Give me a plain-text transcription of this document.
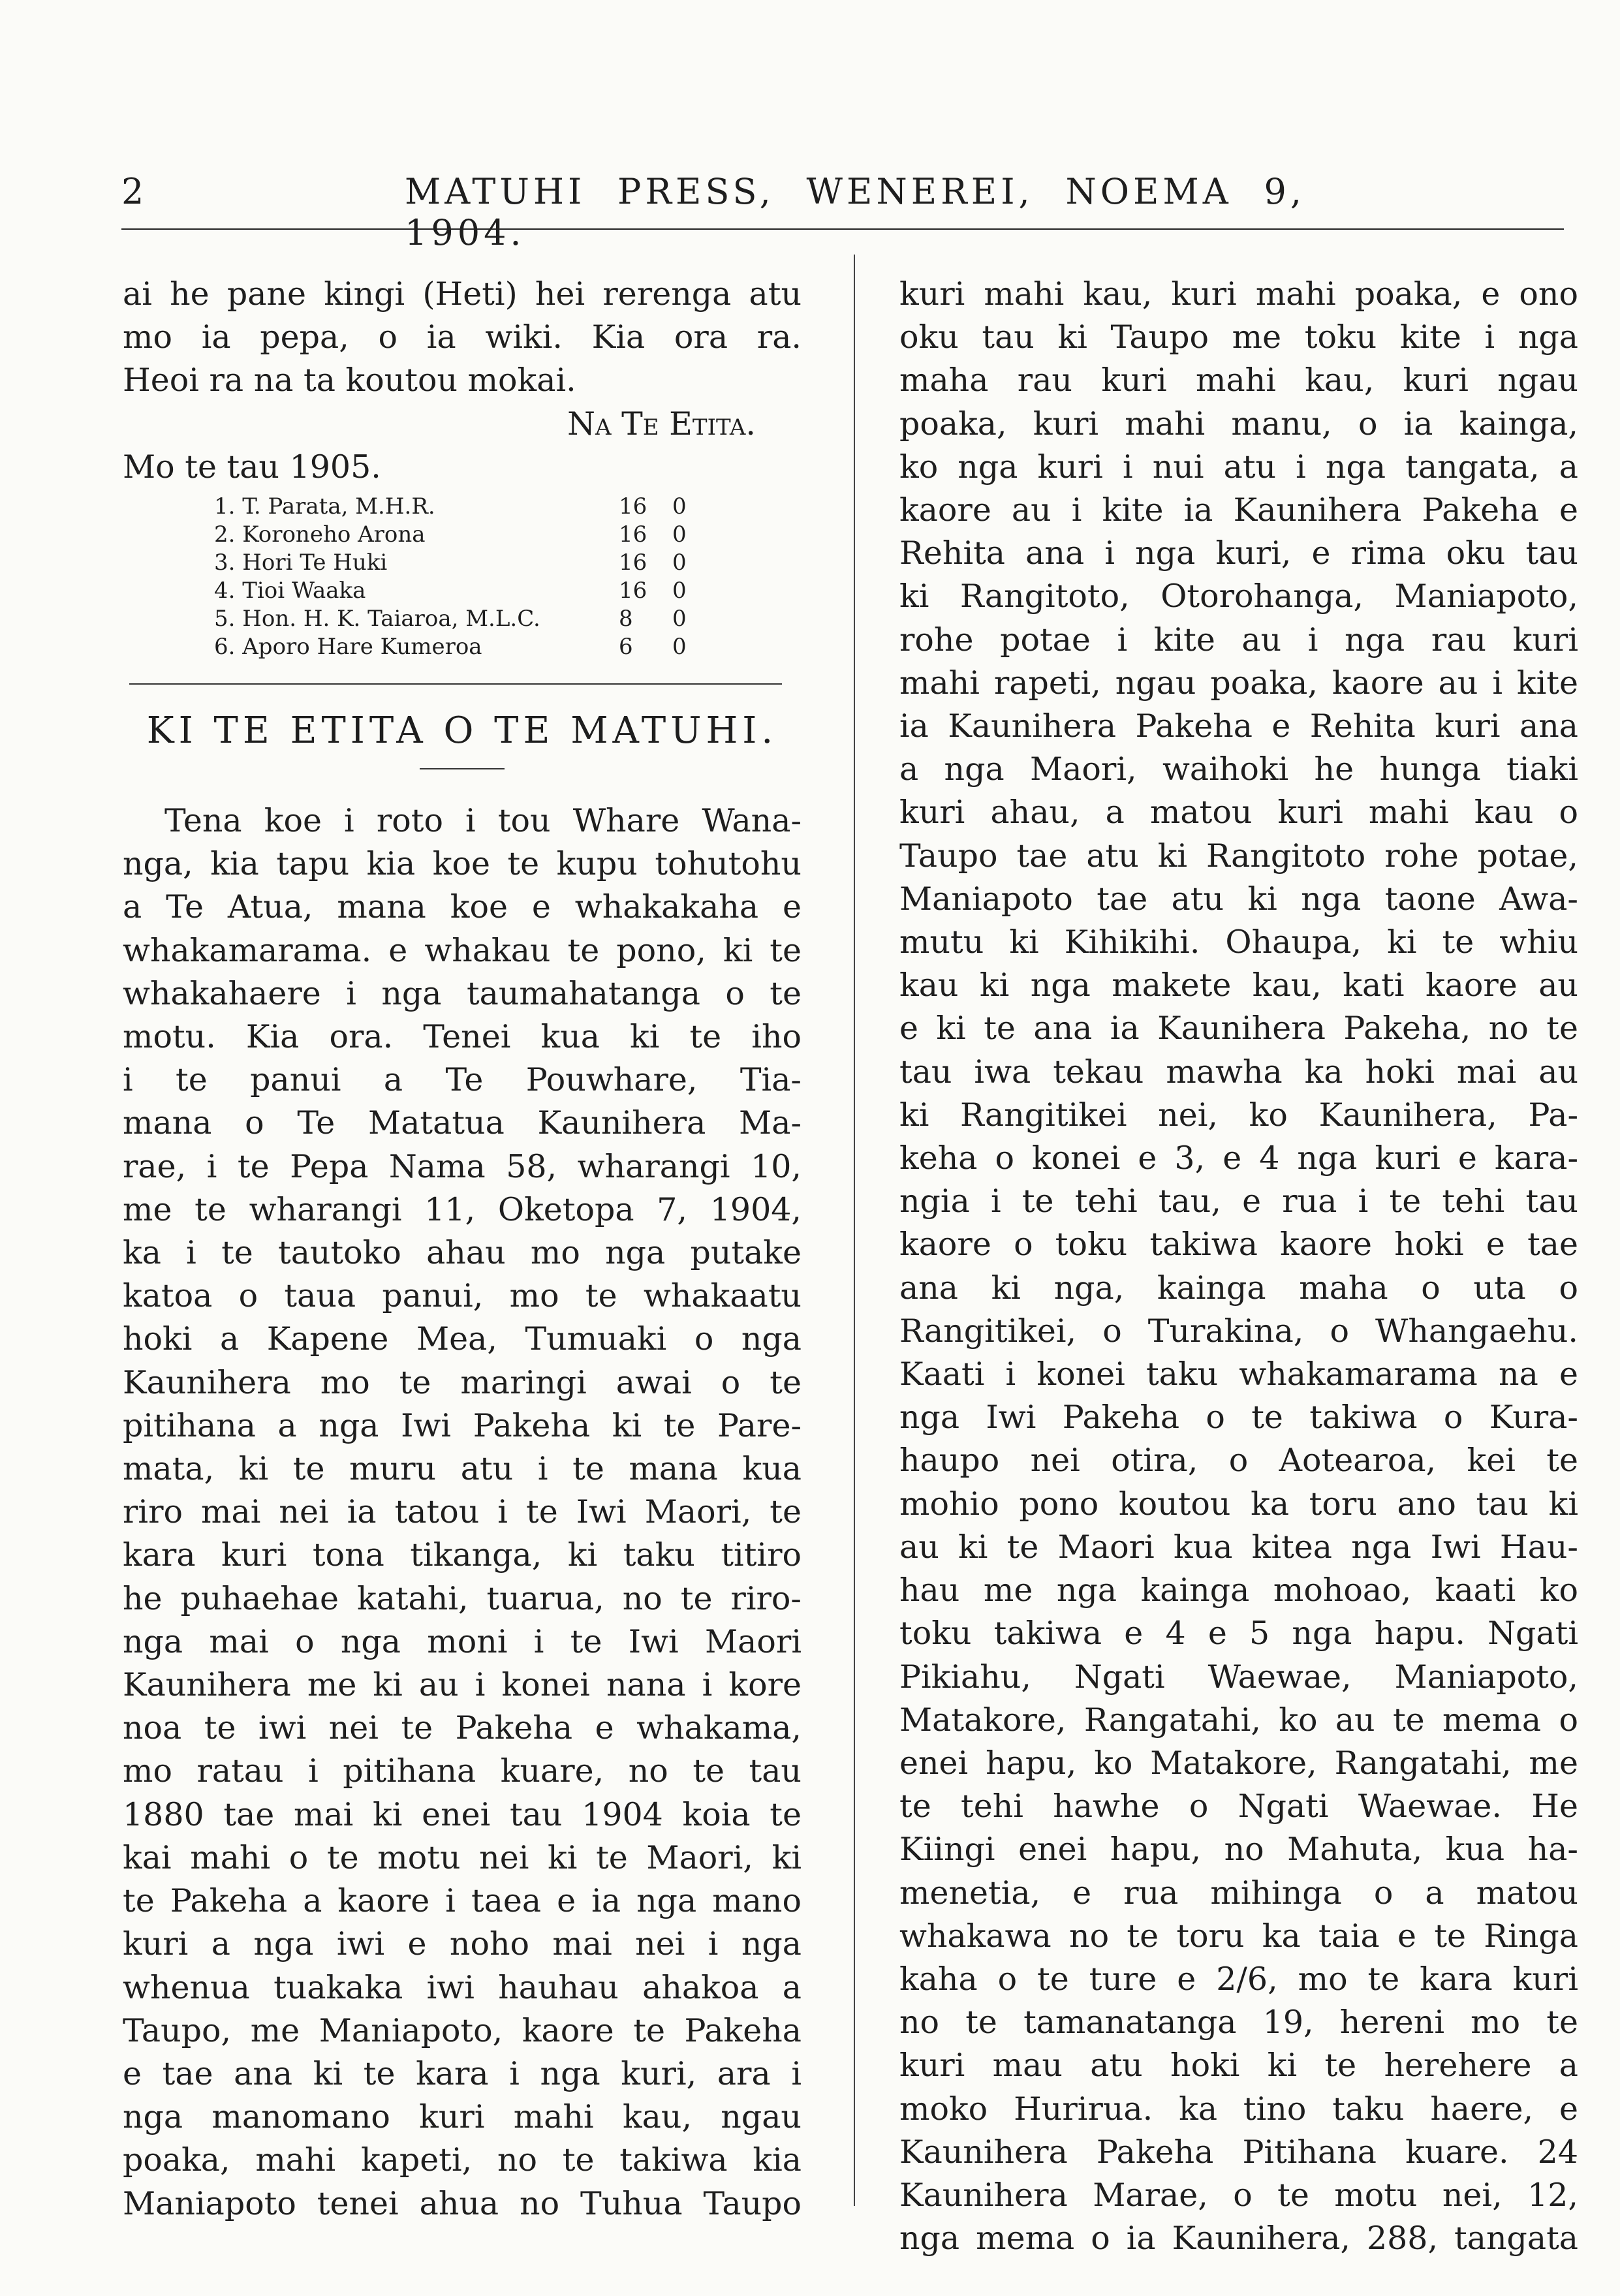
2	MATUHI PRESS, WENEREI, NOEMA 9, 1904.

ai he pane kingi (Heti) hei rerenga atu

mo ia pepa, o ia wiki. Kia ora ra.

Heoi ra na ta koutou mokai.

Na Te Etita.

Mo te tau 1905.

1. T. Parata, M.H.R.	16	0
2. Koroneho Arona	16	0
3. Hori Te Huki	16	0
4. Tioi Waaka	16	0
5. Hon. H. K. Taiaroa, M.L.C.	8	0
6. Aporo Hare Kumeroa	6	0

KI TE ETITA O TE MATUHI.

Tena koe i roto i tou Whare Wana-

nga, kia tapu kia koe te kupu tohutohu

a Te Atua, mana koe e whakakaha e

whakamarama. e whakau te pono, ki te

whakahaere i nga taumahatanga o te

motu. Kia ora. Tenei kua ki te iho

i te panui a Te Pouwhare, Tia-

mana o Te Matatua Kaunihera Ma-

rae, i te Pepa Nama 58, wharangi 10,

me te wharangi 11, Oketopa 7, 1904,

ka i te tautoko ahau mo nga putake

katoa o taua panui, mo te whakaatu

hoki a Kapene Mea, Tumuaki o nga

Kaunihera mo te maringi awai o te

pitihana a nga Iwi Pakeha ki te Pare-

mata, ki te muru atu i te mana kua

riro mai nei ia tatou i te Iwi Maori, te

kara kuri tona tikanga, ki taku titiro

he puhaehae katahi, tuarua, no te riro-

nga mai o nga moni i te Iwi Maori

Kaunihera me ki au i konei nana i kore

noa te iwi nei te Pakeha e whakama,

mo ratau i pitihana kuare, no te tau

1880 tae mai ki enei tau 1904 koia te

kai mahi o te motu nei ki te Maori, ki

te Pakeha a kaore i taea e ia nga mano

kuri a nga iwi e noho mai nei i nga

whenua tuakaka iwi hauhau ahakoa a

Taupo, me Maniapoto, kaore te Pakeha

e tae ana ki te kara i nga kuri, ara i

nga manomano kuri mahi kau, ngau

poaka, mahi kapeti, no te takiwa kia

Maniapoto tenei ahua no Tuhua Taupo

kuri mahi kau, kuri mahi poaka, e ono

oku tau ki Taupo me toku kite i nga

maha rau kuri mahi kau, kuri ngau

poaka, kuri mahi manu, o ia kainga,

ko nga kuri i nui atu i nga tangata, a

kaore au i kite ia Kaunihera Pakeha e

Rehita ana i nga kuri, e rima oku tau

ki Rangitoto, Otorohanga, Maniapoto,

rohe potae i kite au i nga rau kuri

mahi rapeti, ngau poaka, kaore au i kite

ia Kaunihera Pakeha e Rehita kuri ana

a nga Maori, waihoki he hunga tiaki

kuri ahau, a matou kuri mahi kau o

Taupo tae atu ki Rangitoto rohe potae,

Maniapoto tae atu ki nga taone Awa-

mutu ki Kihikihi. Ohaupa, ki te whiu

kau ki nga makete kau, kati kaore au

e ki te ana ia Kaunihera Pakeha, no te

tau iwa tekau mawha ka hoki mai au

ki Rangitikei nei, ko Kaunihera, Pa-

keha o konei e 3, e 4 nga kuri e kara-

ngia i te tehi tau, e rua i te tehi tau

kaore o toku takiwa kaore hoki e tae

ana ki nga, kainga maha o uta o

Rangitikei, o Turakina, o Whangaehu.

Kaati i konei taku whakamarama na e

nga Iwi Pakeha o te takiwa o Kura-

haupo nei otira, o Aotearoa, kei te

mohio pono koutou ka toru ano tau ki

au ki te Maori kua kitea nga Iwi Hau-

hau me nga kainga mohoao, kaati ko

toku takiwa e 4 e 5 nga hapu. Ngati

Pikiahu, Ngati Waewae, Maniapoto,

Matakore, Rangatahi, ko au te mema o

enei hapu, ko Matakore, Rangatahi, me

te tehi hawhe o Ngati Waewae. He

Kiingi enei hapu, no Mahuta, kua ha-

menetia, e rua mihinga o a matou

whakawa no te toru ka taia e te Ringa

kaha o te ture e 2/6, mo te kara kuri

no te tamanatanga 19, hereni mo te

kuri mau atu hoki ki te herehere a

moko Hurirua. ka tino taku haere, e

Kaunihera Pakeha Pitihana kuare. 24

Kaunihera Marae, o te motu nei, 12,

nga mema o ia Kaunihera, 288, tangata
